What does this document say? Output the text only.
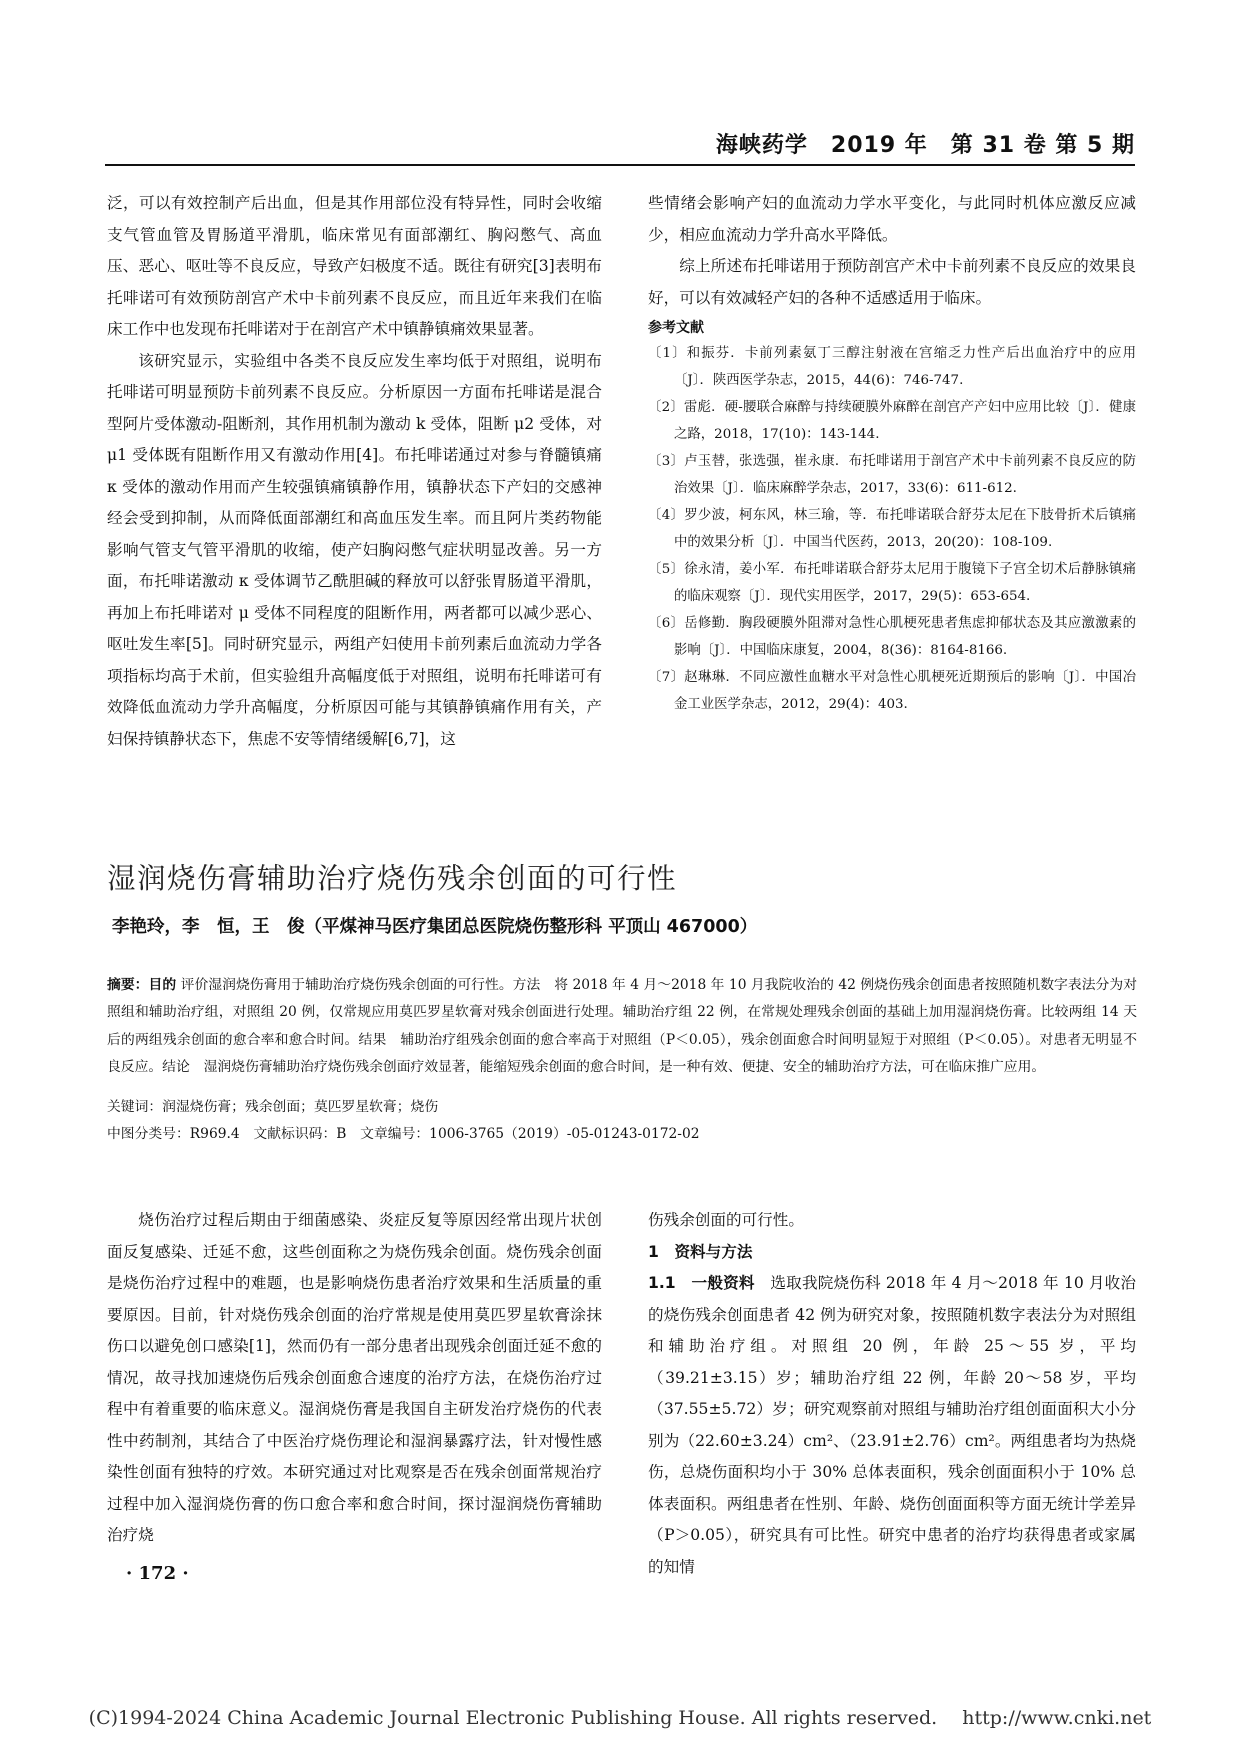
海峡药学　2019 年　第 31 卷 第 5 期

泛，可以有效控制产后出血，但是其作用部位没有特异性，同时会收缩支气管血管及胃肠道平滑肌，临床常见有面部潮红、胸闷憋气、高血压、恶心、呕吐等不良反应，导致产妇极度不适。既往有研究[3]表明布托啡诺可有效预防剖宫产术中卡前列素不良反应，而且近年来我们在临床工作中也发现布托啡诺对于在剖宫产术中镇静镇痛效果显著。

该研究显示，实验组中各类不良反应发生率均低于对照组，说明布托啡诺可明显预防卡前列素不良反应。分析原因一方面布托啡诺是混合型阿片受体激动-阻断剂，其作用机制为激动 k 受体，阻断 μ2 受体，对 μ1 受体既有阻断作用又有激动作用[4]。布托啡诺通过对参与脊髓镇痛 κ 受体的激动作用而产生较强镇痛镇静作用，镇静状态下产妇的交感神经会受到抑制，从而降低面部潮红和高血压发生率。而且阿片类药物能影响气管支气管平滑肌的收缩，使产妇胸闷憋气症状明显改善。另一方面，布托啡诺激动 κ 受体调节乙酰胆碱的释放可以舒张胃肠道平滑肌，再加上布托啡诺对 μ 受体不同程度的阻断作用，两者都可以减少恶心、呕吐发生率[5]。同时研究显示，两组产妇使用卡前列素后血流动力学各项指标均高于术前，但实验组升高幅度低于对照组，说明布托啡诺可有效降低血流动力学升高幅度，分析原因可能与其镇静镇痛作用有关，产妇保持镇静状态下，焦虑不安等情绪缓解[6,7]，这

些情绪会影响产妇的血流动力学水平变化，与此同时机体应激反应减少，相应血流动力学升高水平降低。

综上所述布托啡诺用于预防剖宫产术中卡前列素不良反应的效果良好，可以有效减轻产妇的各种不适感适用于临床。

参考文献
〔1〕和振芬．卡前列素氨丁三醇注射液在宫缩乏力性产后出血治疗中的应用〔J〕．陕西医学杂志，2015，44(6)：746-747.
〔2〕雷彪．硬-腰联合麻醉与持续硬膜外麻醉在剖宫产产妇中应用比较〔J〕．健康之路，2018，17(10)：143-144.
〔3〕卢玉替，张选强，崔永康．布托啡诺用于剖宫产术中卡前列素不良反应的防治效果〔J〕．临床麻醉学杂志，2017，33(6)：611-612.
〔4〕罗少波，柯东风，林三瑜，等．布托啡诺联合舒芬太尼在下肢骨折术后镇痛中的效果分析〔J〕．中国当代医药，2013，20(20)：108-109.
〔5〕徐永清，姜小军．布托啡诺联合舒芬太尼用于腹镜下子宫全切术后静脉镇痛的临床观察〔J〕．现代实用医学，2017，29(5)：653-654.
〔6〕岳修勤．胸段硬膜外阻滞对急性心肌梗死患者焦虑抑郁状态及其应激激素的影响〔J〕．中国临床康复，2004，8(36)：8164-8166.
〔7〕赵琳琳．不同应激性血糖水平对急性心肌梗死近期预后的影响〔J〕．中国冶金工业医学杂志，2012，29(4)：403.
湿润烧伤膏辅助治疗烧伤残余创面的可行性
李艳玲，李　恒，王　俊（平煤神马医疗集团总医院烧伤整形科 平顶山 467000）
摘要：目的 评价湿润烧伤膏用于辅助治疗烧伤残余创面的可行性。方法　将 2018 年 4 月～2018 年 10 月我院收治的 42 例烧伤残余创面患者按照随机数字表法分为对照组和辅助治疗组，对照组 20 例，仅常规应用莫匹罗星软膏对残余创面进行处理。辅助治疗组 22 例，在常规处理残余创面的基础上加用湿润烧伤膏。比较两组 14 天后的两组残余创面的愈合率和愈合时间。结果　辅助治疗组残余创面的愈合率高于对照组（P＜0.05），残余创面愈合时间明显短于对照组（P＜0.05）。对患者无明显不良反应。结论　湿润烧伤膏辅助治疗烧伤残余创面疗效显著，能缩短残余创面的愈合时间，是一种有效、便捷、安全的辅助治疗方法，可在临床推广应用。
关键词：润湿烧伤膏；残余创面；莫匹罗星软膏；烧伤
中图分类号：R969.4　文献标识码：B　文章编号：1006-3765（2019）-05-01243-0172-02

烧伤治疗过程后期由于细菌感染、炎症反复等原因经常出现片状创面反复感染、迁延不愈，这些创面称之为烧伤残余创面。烧伤残余创面是烧伤治疗过程中的难题，也是影响烧伤患者治疗效果和生活质量的重要原因。目前，针对烧伤残余创面的治疗常规是使用莫匹罗星软膏涂抹伤口以避免创口感染[1]，然而仍有一部分患者出现残余创面迁延不愈的情况，故寻找加速烧伤后残余创面愈合速度的治疗方法，在烧伤治疗过程中有着重要的临床意义。湿润烧伤膏是我国自主研发治疗烧伤的代表性中药制剂，其结合了中医治疗烧伤理论和湿润暴露疗法，针对慢性感染性创面有独特的疗效。本研究通过对比观察是否在残余创面常规治疗过程中加入湿润烧伤膏的伤口愈合率和愈合时间，探讨湿润烧伤膏辅助治疗烧

伤残余创面的可行性。

1　资料与方法

1.1　一般资料　 选取我院烧伤科 2018 年 4 月～2018 年 10 月收治的烧伤残余创面患者 42 例为研究对象，按照随机数字表法分为对照组和辅助治疗组。对照组 20 例，年龄 25～55 岁，平均（39.21±3.15）岁；辅助治疗组 22 例，年龄 20～58 岁，平均（37.55±5.72）岁；研究观察前对照组与辅助治疗组创面面积大小分别为（22.60±3.24）cm²、（23.91±2.76）cm²。两组患者均为热烧伤，总烧伤面积均小于 30% 总体表面积，残余创面面积小于 10% 总体表面积。两组患者在性别、年龄、烧伤创面面积等方面无统计学差异（P＞0.05），研究具有可比性。研究中患者的治疗均获得患者或家属的知情

· 172 ·
(C)1994-2024 China Academic Journal Electronic Publishing House. All rights reserved.　 http://www.cnki.net
